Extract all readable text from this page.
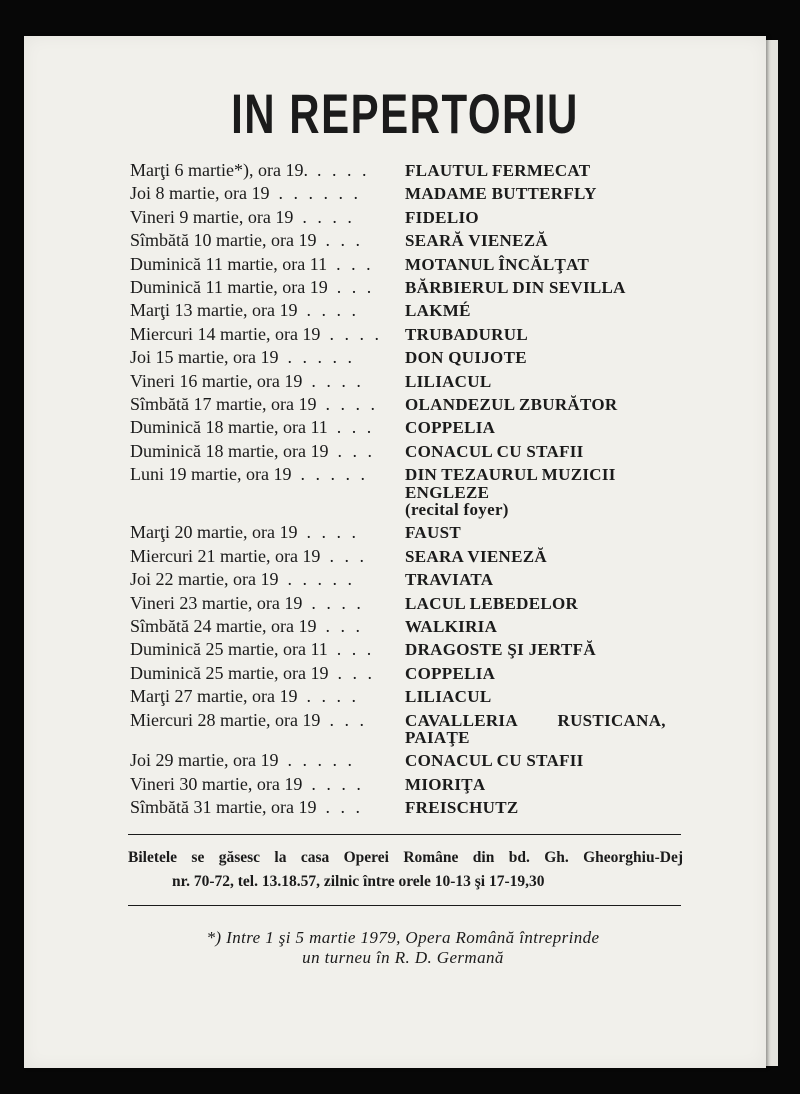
IN REPERTORIU
Marţi 6 martie*), ora 19. . . . .	FLAUTUL FERMECAT
Joi 8 martie, ora 19 . . . . . .	MADAME BUTTERFLY
Vineri 9 martie, ora 19 . . . .	FIDELIO
Sîmbătă 10 martie, ora 19 . . .	SEARĂ VIENEZĂ
Duminică 11 martie, ora 11 . . .	MOTANUL ÎNCĂLŢAT
Duminică 11 martie, ora 19 . . .	BĂRBIERUL DIN SEVILLA
Marţi 13 martie, ora 19 . . . .	LAKMÉ
Miercuri 14 martie, ora 19 . . . .	TRUBADURUL
Joi 15 martie, ora 19 . . . . .	DON QUIJOTE
Vineri 16 martie, ora 19 . . . .	LILIACUL
Sîmbătă 17 martie, ora 19 . . . .	OLANDEZUL ZBURĂTOR
Duminică 18 martie, ora 11 . . .	COPPELIA
Duminică 18 martie, ora 19 . . .	CONACUL CU STAFII
Luni 19 martie, ora 19 . . . . .	DIN TEZAURUL MUZICII
ENGLEZE
(recital foyer)
Marţi 20 martie, ora 19 . . . .	FAUST
Miercuri 21 martie, ora 19 . . .	SEARA VIENEZĂ
Joi 22 martie, ora 19 . . . . .	TRAVIATA
Vineri 23 martie, ora 19 . . . .	LACUL LEBEDELOR
Sîmbătă 24 martie, ora 19 . . .	WALKIRIA
Duminică 25 martie, ora 11 . . .	DRAGOSTE ŞI JERTFĂ
Duminică 25 martie, ora 19 . . .	COPPELIA
Marţi 27 martie, ora 19 . . . .	LILIACUL
Miercuri 28 martie, ora 19 . . .	CAVALLERIA RUSTICANA,
PAIAŢE
Joi 29 martie, ora 19 . . . . .	CONACUL CU STAFII
Vineri 30 martie, ora 19 . . . .	MIORIŢA
Sîmbătă 31 martie, ora 19 . . .	FREISCHUTZ
Biletele se găsesc la casa Operei Române din bd. Gh. Gheorghiu-Dej
nr. 70-72, tel. 13.18.57, zilnic între orele 10-13 şi 17-19,30
*) Intre 1 şi 5 martie 1979, Opera Română întreprinde
un turneu în R. D. Germană
